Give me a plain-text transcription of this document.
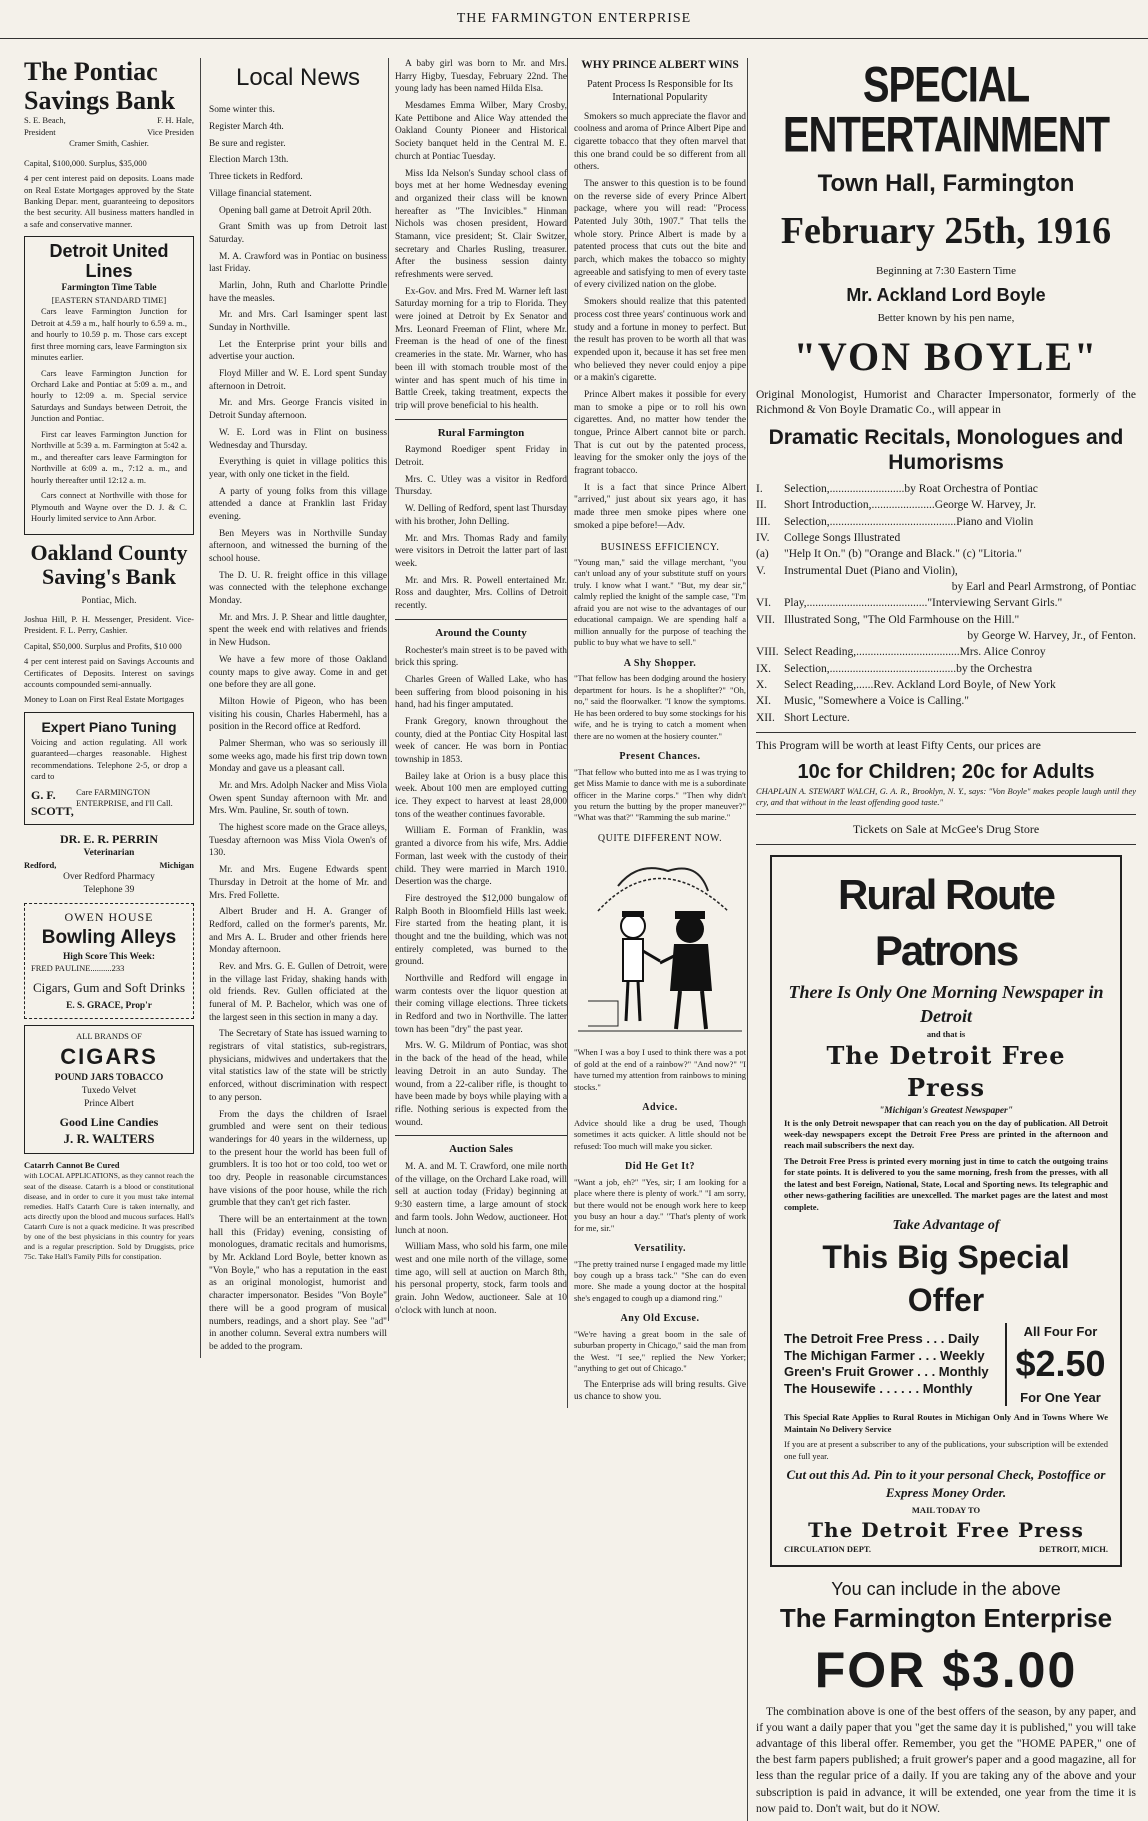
THE FARMINGTON ENTERPRISE
The Pontiac Savings Bank
S. E. Beach,	F. H. Hale,
President	Vice Presiden
Cramer Smith, Cashier.
Capital, $100,000. Surplus, $35,000

4 per cent interest paid on deposits. Loans made on Real Estate Mortgages approved by the State Banking Depar. ment, guaranteeing to depositors the best security. All business matters handled in a safe and conservative manner.

Detroit United Lines
Farmington Time Table
[EASTERN STANDARD TIME]

Cars leave Farmington Junction for Detroit at 4.59 a m., half hourly to 6.59 a. m., and hourly to 10.59 p. m. Those cars except first three morning cars, leave Farmington six minutes earlier.

Cars leave Farmington Junction for Orchard Lake and Pontiac at 5:09 a. m., and hourly to 12:09 a. m. Special service Saturdays and Sundays between Detroit, the Junction and Pontiac.

First car leaves Farmington Junction for Northville at 5:39 a. m. Farmington at 5:42 a. m., and thereafter cars leave Farmington for Northville at 6:09 a. m., 7:12 a. m., and hourly thereafter until 12:12 a. m.

Cars connect at Northville with those for Plymouth and Wayne over the D. J. & C. Hourly limited service to Ann Arbor.

Oakland County Saving's Bank
Pontiac, Mich.

Joshua Hill, P. H. Messenger, President. Vice-President. F. L. Perry, Cashier.

Capital, $50,000. Surplus and Profits, $10 000

4 per cent interest paid on Savings Accounts and Certificates of Deposits. Interest on savings accounts compounded semi-annually.

Money to Loan on First Real Estate Mortgages

Expert Piano Tuning

Voicing and action regulating. All work guaranteed—charges reasonable. Highest recommendations. Telephone 2-5, or drop a card to

G. F. SCOTT,
Care FARMINGTON ENTERPRISE, and I'll Call.
DR. E. R. PERRIN
Veterinarian
Redford,	Michigan
Over Redford Pharmacy
Telephone 39
OWEN HOUSE
Bowling Alleys
High Score This Week:
FRED PAULINE..........233
Cigars, Gum and Soft Drinks
E. S. GRACE, Prop'r
ALL BRANDS OF
CIGARS
POUND JARS TOBACCO
Tuxedo Velvet
Prince Albert
Good Line Candies
J. R. WALTERS
Catarrh Cannot Be Cured

with LOCAL APPLICATIONS, as they cannot reach the seat of the disease. Catarrh is a blood or constitutional disease, and in order to cure it you must take internal remedies. Hall's Catarrh Cure is taken internally, and acts directly upon the blood and mucous surfaces. Hall's Catarrh Cure is not a quack medicine. It was prescribed by one of the best physicians in this country for years and is a regular prescription. Sold by Druggists, price 75c. Take Hall's Family Pills for constipation.

Local News
Some winter this.
Register March 4th.
Be sure and register.
Election March 13th.
Three tickets in Redford.
Village financial statement.

Opening ball game at Detroit April 20th.

Grant Smith was up from Detroit last Saturday.

M. A. Crawford was in Pontiac on business last Friday.

Marlin, John, Ruth and Charlotte Prindle have the measles.

Mr. and Mrs. Carl Isaminger spent last Sunday in Northville.

Let the Enterprise print your bills and advertise your auction.

Floyd Miller and W. E. Lord spent Sunday afternoon in Detroit.

Mr. and Mrs. George Francis visited in Detroit Sunday afternoon.

W. E. Lord was in Flint on business Wednesday and Thursday.

Everything is quiet in village politics this year, with only one ticket in the field.

A party of young folks from this village attended a dance at Franklin last Friday evening.

Ben Meyers was in Northville Sunday afternoon, and witnessed the burning of the school house.

The D. U. R. freight office in this village was connected with the telephone exchange Monday.

Mr. and Mrs. J. P. Shear and little daughter, spent the week end with relatives and friends in New Hudson.

We have a few more of those Oakland county maps to give away. Come in and get one before they are all gone.

Milton Howie of Pigeon, who has been visiting his cousin, Charles Habermehl, has a position in the Record office at Redford.

Palmer Sherman, who was so seriously ill some weeks ago, made his first trip down town Monday and gave us a pleasant call.

Mr. and Mrs. Adolph Nacker and Miss Viola Owen spent Sunday afternoon with Mr. and Mrs. Wm. Pauline, Sr. south of town.

The highest score made on the Grace alleys, Tuesday afternoon was Miss Viola Owen's of 130.

Mr. and Mrs. Eugene Edwards spent Thursday in Detroit at the home of Mr. and Mrs. Fred Follette.

Albert Bruder and H. A. Granger of Redford, called on the former's parents, Mr. and Mrs A. L. Bruder and other friends here Monday afternoon.

Rev. and Mrs. G. E. Gullen of Detroit, were in the village last Friday, shaking hands with old friends. Rev. Gullen officiated at the funeral of M. P. Bachelor, which was one of the largest seen in this section in many a day.

The Secretary of State has issued warning to registrars of vital statistics, sub-registrars, physicians, midwives and undertakers that the vital statistics law of the state will be strictly enforced, without discrimination with respect to any person.

From the days the children of Israel grumbled and were sent on their tedious wanderings for 40 years in the wilderness, up to the present hour the world has been full of grumblers. It is too hot or too cold, too wet or too dry. People in reasonable circumstances have visions of the poor house, while the rich grumble that they can't get rich faster.

There will be an entertainment at the town hall this (Friday) evening, consisting of monologues, dramatic recitals and humorisms, by Mr. Ackland Lord Boyle, better known as "Von Boyle," who has a reputation in the east as an original monologist, humorist and character impersonator. Besides "Von Boyle" there will be a good program of musical numbers, readings, and a short play. See "ad" in another column. Several extra numbers will be added to the program.

A baby girl was born to Mr. and Mrs. Harry Higby, Tuesday, February 22nd. The young lady has been named Hilda Elsa.

Mesdames Emma Wilber, Mary Crosby, Kate Pettibone and Alice Way attended the Oakland County Pioneer and Historical Society banquet held in the Central M. E. church at Pontiac Tuesday.

Miss Ida Nelson's Sunday school class of boys met at her home Wednesday evening and organized their class will be known hereafter as "The Invicibles." Hinman Nichols was chosen president, Howard Stamann, vice president; St. Clair Switzer, secretary and Charles Rusling, treasurer. After the business session dainty refreshments were served.

Ex-Gov. and Mrs. Fred M. Warner left last Saturday morning for a trip to Florida. They were joined at Detroit by Ex Senator and Mrs. Leonard Freeman of Flint, where Mr. Freeman is the head of one of the finest creameries in the state. Mr. Warner, who has been ill with stomach trouble most of the winter and has spent much of his time in Battle Creek, taking treatment, expects the trip will prove beneficial to his health.

Rural Farmington

Raymond Roediger spent Friday in Detroit.

Mrs. C. Utley was a visitor in Redford Thursday.

W. Delling of Redford, spent last Thursday with his brother, John Delling.

Mr. and Mrs. Thomas Rady and family were visitors in Detroit the latter part of last week.

Mr. and Mrs. R. Powell entertained Mr. Ross and daughter, Mrs. Collins of Detroit recently.

Around the County

Rochester's main street is to be paved with brick this spring.

Charles Green of Walled Lake, who has been suffering from blood poisoning in his hand, had his finger amputated.

Frank Gregory, known throughout the county, died at the Pontiac City Hospital last week of cancer. He was born in Pontiac township in 1853.

Bailey lake at Orion is a busy place this week. About 100 men are employed cutting ice. They expect to harvest at least 28,000 tons of the weather continues favorable.

William E. Forman of Franklin, was granted a divorce from his wife, Mrs. Addie Forman, last week with the custody of their child. They were married in March 1910. Desertion was the charge.

Fire destroyed the $12,000 bungalow of Ralph Booth in Bloomfield Hills last week. Fire started from the heating plant, it is thought and tne the building, which was not entirely completed, was burned to the ground.

Northville and Redford will engage in warm contests over the liquor question at their coming village elections. Three tickets in Redford and two in Northville. The latter town has been "dry" the past year.

Mrs. W. G. Mildrum of Pontiac, was shot in the back of the head of the head, while leaving Detroit in an auto Sunday. The wound, from a 22-caliber rifle, is thought to have been made by boys while playing with a rifle. Nothing serious is expected from the wound.

Auction Sales

M. A. and M. T. Crawford, one mile north of the village, on the Orchard Lake road, will sell at auction today (Friday) beginning at 9:30 eastern time, a large amount of stock and farm tools. John Wedow, auctioneer. Hot lunch at noon.

William Mass, who sold his farm, one mile west and one mile north of the village, some time ago, will sell at auction on March 8th, his personal property, stock, farm tools and grain. John Wedow, auctioneer. Sale at 10 o'clock with lunch at noon.

WHY PRINCE ALBERT WINS
Patent Process Is Responsible for Its International Popularity

Smokers so much appreciate the flavor and coolness and aroma of Prince Albert Pipe and cigarette tobacco that they often marvel that this one brand could be so different from all others.

The answer to this question is to be found on the reverse side of every Prince Albert package, where you will read: "Process Patented July 30th, 1907." That tells the whole story. Prince Albert is made by a patented process that cuts out the bite and parch, which makes the tobacco so mighty agreeable and satisfying to men of every taste of every civilized nation on the globe.

Smokers should realize that this patented process cost three years' continuous work and study and a fortune in money to perfect. But the result has proven to be worth all that was expended upon it, because it has set free men who believed they never could enjoy a pipe or a makin's cigarette.

Prince Albert makes it possible for every man to smoke a pipe or to roll his own cigarettes. And, no matter how tender the tongue, Prince Albert cannot bite or parch. That is cut out by the patented process, leaving for the smoker only the joys of the fragrant tobacco.

It is a fact that since Prince Albert "arrived," just about six years ago, it has made three men smoke pipes where one smoked a pipe before!—Adv.

BUSINESS EFFICIENCY.

"Young man," said the village merchant, "you can't unload any of your substitute stuff on yours truly. I know what I want." "But, my dear sir," calmly replied the knight of the sample case, "I'm afraid you are not wise to the advantages of our educational campaign. We are spending half a million annually for the purpose of teaching the public to buy what we have to sell."

A Shy Shopper.

"That fellow has been dodging around the hosiery department for hours. Is he a shoplifter?" "Oh, no," said the floorwalker. "I know the symptoms. He has been ordered to buy some stockings for his wife, and he is trying to catch a moment when there are no women at the hosiery counter."

Present Chances.

"That fellow who butted into me as I was trying to get Miss Mamie to dance with me is a subordinate officer in the Marine corps." "Then why didn't you return the butting by the proper maneuver?" "What was that?" "Ramming the sub marine."

QUITE DIFFERENT NOW.

"When I was a boy I used to think there was a pot of gold at the end of a rainbow?" "And now?" "I have turned my attention from rainbows to mining stocks."

Advice.

Advice should like a drug be used, Though sometimes it acts quicker. A little should not be refused: Too much will make you sicker.

Did He Get It?

"Want a job, eh?" "Yes, sir; I am looking for a place where there is plenty of work." "I am sorry, but there would not be enough work here to keep you busy an hour a day." "That's plenty of work for me, sir."

Versatility.

"The pretty trained nurse I engaged made my little boy cough up a brass tack." "She can do even more. She made a young doctor at the hospital she's engaged to cough up a diamond ring."

Any Old Excuse.

"We're having a great boom in the sale of suburban property in Chicago," said the man from the West. "I see," replied the New Yorker; "anything to get out of Chicago."

The Enterprise ads will bring results. Give us chance to show you.

SPECIAL ENTERTAINMENT
Town Hall, Farmington
February 25th, 1916
Beginning at 7:30 Eastern Time
Mr. Ackland Lord Boyle
Better known by his pen name,
"VON BOYLE"

Original Monologist, Humorist and Character Impersonator, formerly of the Richmond & Von Boyle Dramatic Co., will appear in

Dramatic Recitals, Monologues and Humorisms
I.	Selection,..........................by Roat Orchestra of Pontiac
II.	Short Introduction,......................George W. Harvey, Jr.
III.	Selection,............................................Piano and Violin
IV.	College Songs Illustrated
(a)	"Help It On." (b) "Orange and Black." (c) "Litoria."
V.	Instrumental Duet (Piano and Violin),
by Earl and Pearl Armstrong, of Pontiac
VI.	Play,.........................................."Interviewing Servant Girls."
VII. Illustrated Song, "The Old Farmhouse on the Hill."
by George W. Harvey, Jr., of Fenton.
VIII. Select Reading,....................................Mrs. Alice Conroy
IX.	Selection,............................................by the Orchestra
X.	Select Reading,......Rev. Ackland Lord Boyle, of New York
XI.	Music, "Somewhere a Voice is Calling."
XII. Short Lecture.

This Program will be worth at least Fifty Cents, our prices are

10c for Children; 20c for Adults

CHAPLAIN A. STEWART WALCH, G. A. R., Brooklyn, N. Y., says: "Von Boyle" makes people laugh until they cry, and that without in the least offending good taste."

Tickets on Sale at McGee's Drug Store
Rural Route Patrons
There Is Only One Morning Newspaper in Detroit
and that is
The Detroit Free Press
"Michigan's Greatest Newspaper"

It is the only Detroit newspaper that can reach you on the day of publication. All Detroit week-day newspapers except the Detroit Free Press are printed in the afternoon and reach mail subscribers the next day.

The Detroit Free Press is printed every morning just in time to catch the outgoing trains for state points. It is delivered to you the same morning, fresh from the presses, with all the latest and best Foreign, National, State, Local and Sporting news. Its telegraphic and other news-gathering facilities are unexcelled. The market pages are the latest and most complete.

Take Advantage of
This Big Special Offer
The Detroit Free Press . . . Daily
The Michigan Farmer . . . Weekly
Green's Fruit Grower . . . Monthly
The Housewife . . . . . . Monthly
All Four For
$2.50
For One Year

This Special Rate Applies to Rural Routes in Michigan Only And in Towns Where We Maintain No Delivery Service

If you are at present a subscriber to any of the publications, your subscription will be extended one full year.

Cut out this Ad. Pin to it your personal Check, Postoffice or Express Money Order.
MAIL TODAY TO
The Detroit Free Press
CIRCULATION DEPT.	DETROIT, MICH.
You can include in the above
The Farmington Enterprise
FOR $3.00

The combination above is one of the best offers of the season, by any paper, and if you want a daily paper that you "get the same day it is published," you will take advantage of this liberal offer. Remember, you get the "HOME PAPER," one of the best farm papers published; a fruit grower's paper and a good magazine, all for less than the regular price of a daily. If you are taking any of the above and your subscription is paid in advance, it will be extended, one year from the time it is now paid to. Don't wait, but do it NOW.
